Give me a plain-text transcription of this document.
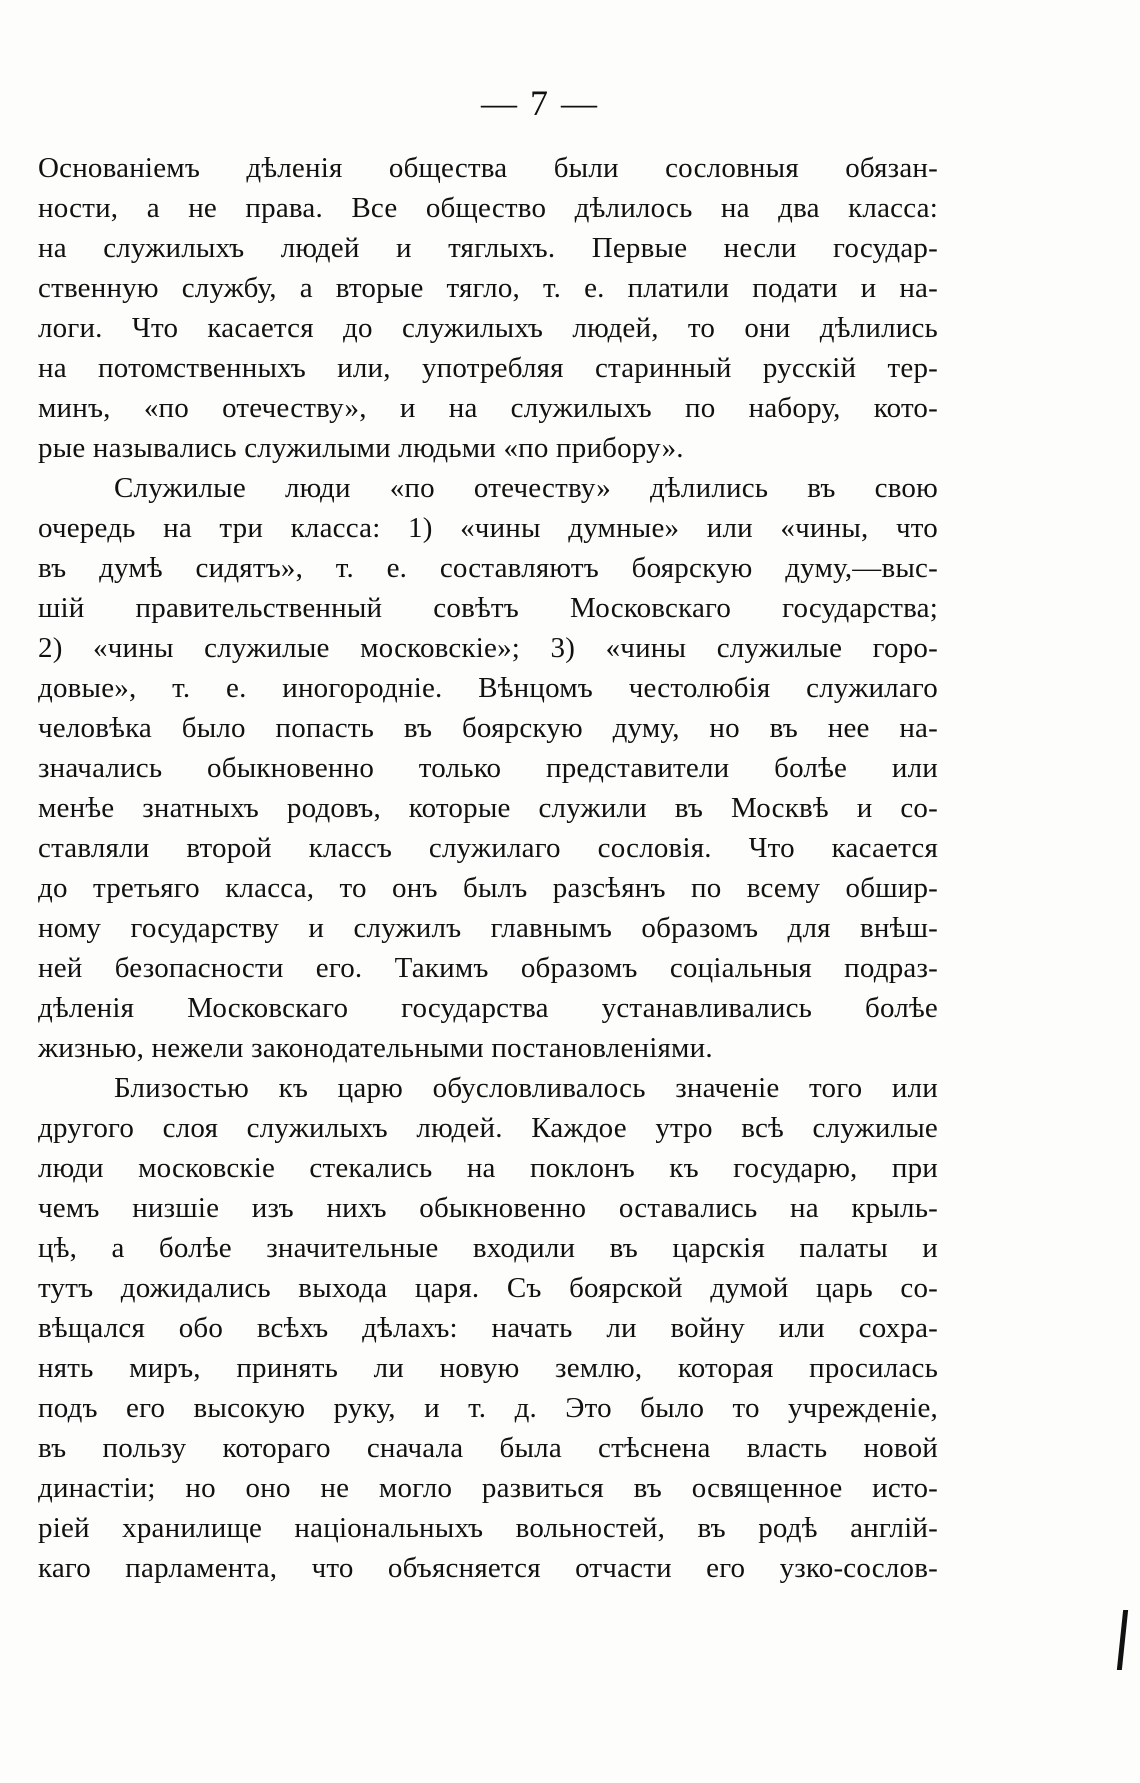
— 7 —
Основаніемъ дѣленія общества были сословныя обязан-
ности, а не права. Все общество дѣлилось на два класса:
на служилыхъ людей и тяглыхъ. Первые несли государ-
ственную службу, а вторые тягло, т. е. платили подати и на-
логи. Что касается до служилыхъ людей, то они дѣлились
на потомственныхъ или, употребляя старинный русскій тер-
минъ, «по отечеству», и на служилыхъ по набору, кото-
рые назывались служилыми людьми «по прибору».
Служилые люди «по отечеству» дѣлились въ свою
очередь на три класса: 1) «чины думные» или «чины, что
въ думѣ сидятъ», т. е. составляютъ боярскую думу,—выс-
шій правительственный совѣтъ Московскаго государства;
2) «чины служилые московскіе»; 3) «чины служилые горо-
довые», т. е. иногородніе. Вѣнцомъ честолюбія служилаго
человѣка было попасть въ боярскую думу, но въ нее на-
значались обыкновенно только представители болѣе или
менѣе знатныхъ родовъ, которые служили въ Москвѣ и со-
ставляли второй классъ служилаго сословія. Что касается
до третьяго класса, то онъ былъ разсѣянъ по всему обшир-
ному государству и служилъ главнымъ образомъ для внѣш-
ней безопасности его. Такимъ образомъ соціальныя подраз-
дѣленія Московскаго государства устанавливались болѣе
жизнью, нежели законодательными постановленіями.
Близостью къ царю обусловливалось значеніе того или
другого слоя служилыхъ людей. Каждое утро всѣ служилые
люди московскіе стекались на поклонъ къ государю, при
чемъ низшіе изъ нихъ обыкновенно оставались на крыль-
цѣ, а болѣе значительные входили въ царскія палаты и
тутъ дожидались выхода царя. Съ боярской думой царь со-
вѣщался обо всѣхъ дѣлахъ: начать ли войну или сохра-
нять миръ, принять ли новую землю, которая просилась
подъ его высокую руку, и т. д. Это было то учрежденіе,
въ пользу котораго сначала была стѣснена власть новой
династіи; но оно не могло развиться въ освященное исто-
ріей хранилище національныхъ вольностей, въ родѣ англій-
каго парламента, что объясняется отчасти его узко-сослов-
